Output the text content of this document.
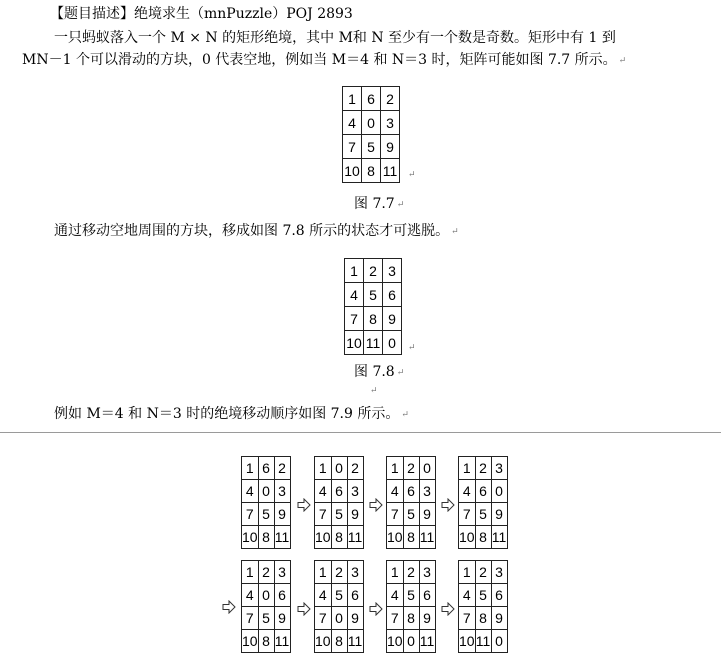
【题目描述】绝境求生（mnPuzzle）POJ 2893
一只蚂蚁落入一个 M × N 的矩形绝境，其中 M和 N 至少有一个数是奇数。矩形中有 1 到
MN－1 个可以滑动的方块，0 代表空地，例如当 M＝4 和 N＝3 时，矩阵可能如图 7.7 所示。 ↵
1	6	2
4	0	3
7	5	9
10	8	11 ↵
图 7.7 ↵
通过移动空地周围的方块，移成如图 7.8 所示的状态才可逃脱。 ↵
1	2	3
4	5	6
7	8	9
10	11	0 ↵
图 7.8 ↵
↵
例如 M＝4 和 N＝3 时的绝境移动顺序如图 7.9 所示。 ↵
1	6	2
4	0	3
7	5	9
10	8	11
1	0	2
4	6	3
7	5	9
10	8	11
1	2	0
4	6	3
7	5	9
10	8	11
1	2	3
4	6	0
7	5	9
10	8	11
1	2	3
4	0	6
7	5	9
10	8	11
1	2	3
4	5	6
7	0	9
10	8	11
1	2	3
4	5	6
7	8	9
10	0	11
1	2	3
4	5	6
7	8	9
10	11	0
